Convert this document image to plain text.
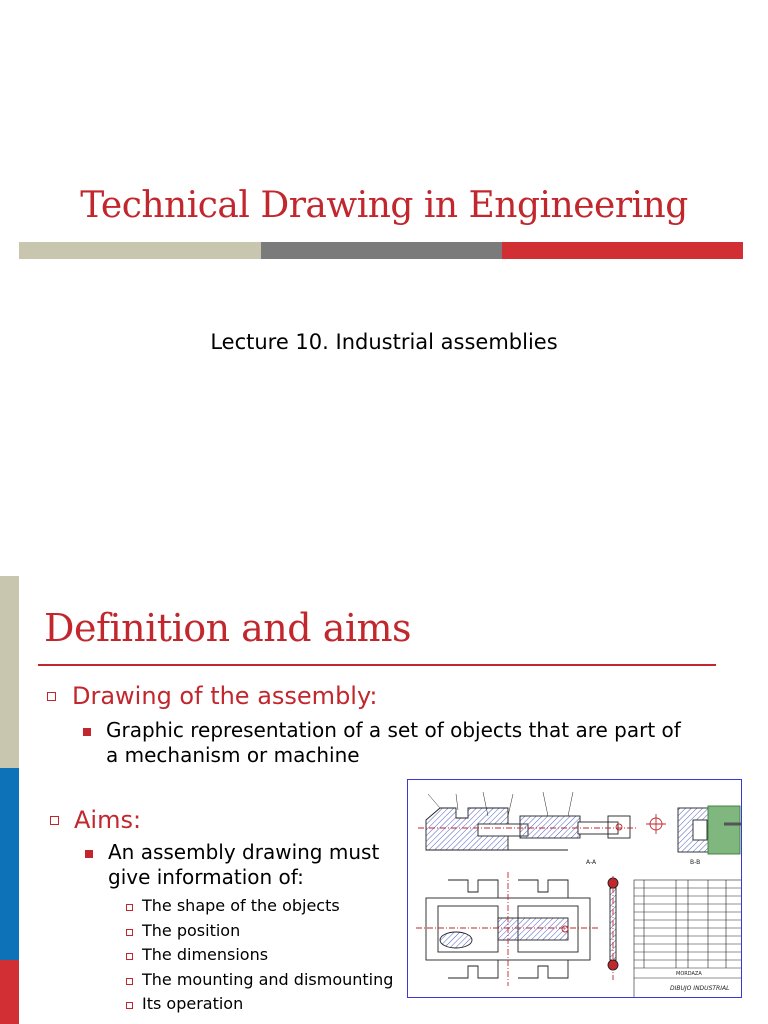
Technical Drawing in Engineering
Lecture 10. Industrial assemblies
Definition and aims
Drawing of the assembly:
Graphic representation of a set of objects that are part of
a mechanism or machine
Aims:
An assembly drawing must
give information of:
The shape of the objects
The position
The dimensions
The mounting and dismounting
Its operation

A-A	B-B
MORDAZA
DIBUJO INDUSTRIAL
